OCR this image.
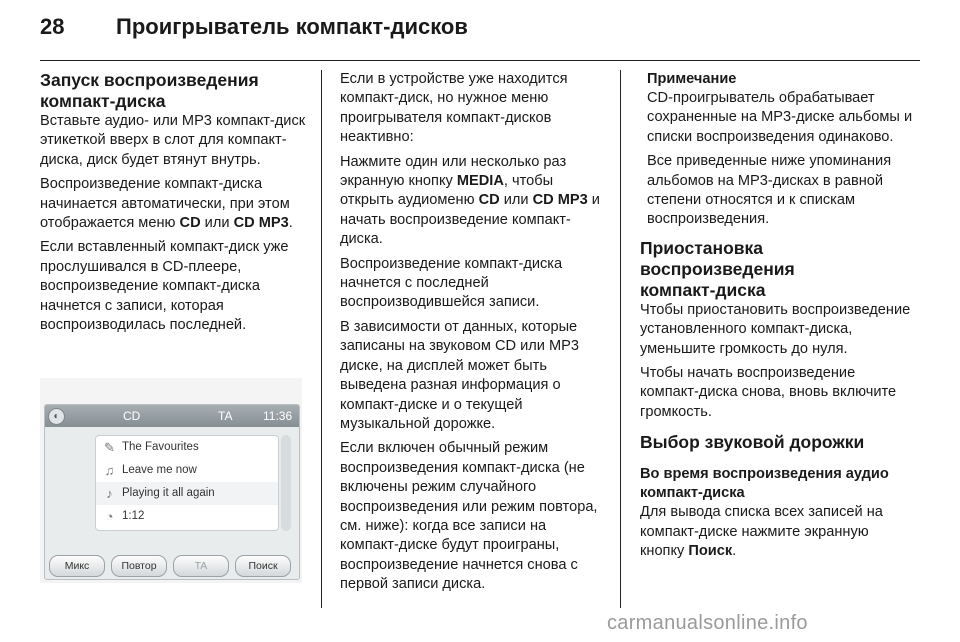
28 Проигрыватель компакт-дисков
Запуск воспроизведения
компакт-диска

Вставьте аудио- или МР3 компакт-диск этикеткой вверх в слот для компакт-диска, диск будет втянут внутрь.

Воспроизведение компакт-диска начинается автоматически, при этом отображается меню CD или CD MP3.

Если вставленный компакт-диск уже прослушивался в CD-плеере, воспроизведение компакт-диска начнется с записи, которая воспроизводилась последней.

◐	CD	TA	11:36
✎ The Favourites
♫ Leave me now
♪ Playing it all again
◔ 1:12
Микс	Повтор	TA	Поиск

Если в устройстве уже находится компакт-диск, но нужное меню проигрывателя компакт-дисков неактивно:

Нажмите один или несколько раз экранную кнопку MEDIA, чтобы открыть аудиоменю CD или CD MP3 и начать воспроизведение компакт-диска.

Воспроизведение компакт-диска начнется с последней воспроизводившейся записи.

В зависимости от данных, которые записаны на звуковом CD или MP3 диске, на дисплей может быть выведена разная информация о компакт-диске и о текущей музыкальной дорожке.

Если включен обычный режим воспроизведения компакт-диска (не включены режим случайного воспроизведения или режим повтора, см. ниже): когда все записи на компакт-диске будут проиграны, воспроизведение начнется снова с первой записи диска.

Примечание

CD-проигрыватель обрабатывает сохраненные на MP3-диске альбомы и списки воспроизведения одинаково.

Все приведенные ниже упоминания альбомов на MP3-дисках в равной степени относятся и к спискам воспроизведения.

Приостановка
воспроизведения
компакт-диска

Чтобы приостановить воспроизведение установленного компакт-диска, уменьшите громкость до нуля.

Чтобы начать воспроизведение компакт-диска снова, вновь включите громкость.

Выбор звуковой дорожки
Во время воспроизведения аудио
компакт-диска

Для вывода списка всех записей на компакт-диске нажмите экранную кнопку Поиск.

carmanualsonline.info
